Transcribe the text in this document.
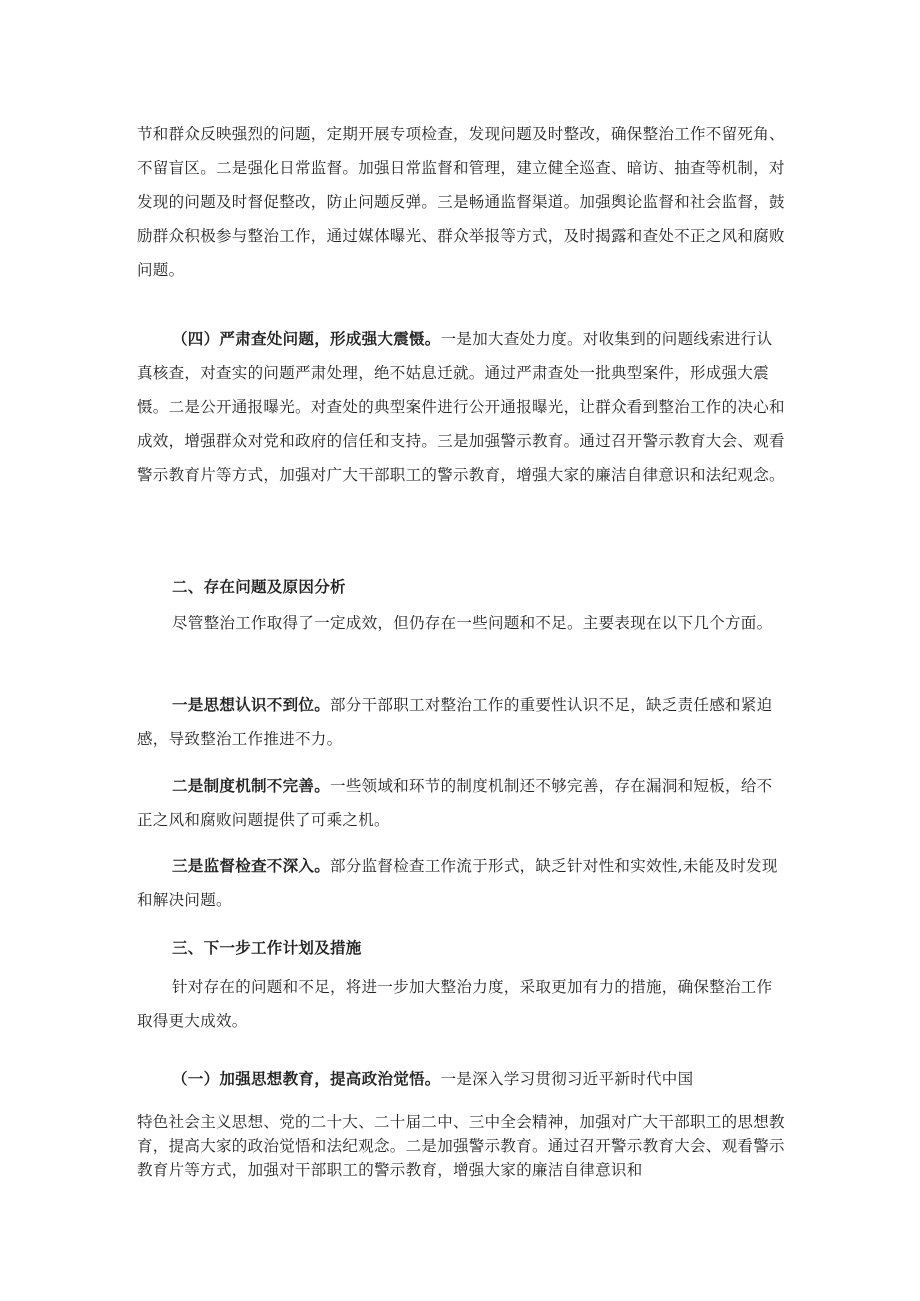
节和群众反映强烈的问题，定期开展专项检查，发现问题及时整改，确保整治工作不留死角、不留盲区。二是强化日常监督。加强日常监督和管理，建立健全巡查、暗访、抽查等机制，对发现的问题及时督促整改，防止问题反弹。三是畅通监督渠道。加强舆论监督和社会监督，鼓励群众积极参与整治工作，通过媒体曝光、群众举报等方式，及时揭露和查处不正之风和腐败问题。

（四）严肃查处问题，形成强大震慑。一是加大查处力度。对收集到的问题线索进行认真核查，对查实的问题严肃处理，绝不姑息迁就。通过严肃查处一批典型案件，形成强大震慑。二是公开通报曝光。对查处的典型案件进行公开通报曝光，让群众看到整治工作的决心和成效，增强群众对党和政府的信任和支持。三是加强警示教育。通过召开警示教育大会、观看警示教育片等方式，加强对广大干部职工的警示教育，增强大家的廉洁自律意识和法纪观念。

二、存在问题及原因分析

尽管整治工作取得了一定成效，但仍存在一些问题和不足。主要表现在以下几个方面。

一是思想认识不到位。部分干部职工对整治工作的重要性认识不足，缺乏责任感和紧迫感，导致整治工作推进不力。

二是制度机制不完善。一些领域和环节的制度机制还不够完善，存在漏洞和短板，给不正之风和腐败问题提供了可乘之机。

三是监督检查不深入。部分监督检查工作流于形式，缺乏针对性和实效性,未能及时发现和解决问题。

三、下一步工作计划及措施

针对存在的问题和不足，将进一步加大整治力度，采取更加有力的措施，确保整治工作取得更大成效。

（一）加强思想教育，提高政治觉悟。一是深入学习贯彻习近平新时代中国

特色社会主义思想、党的二十大、二十届二中、三中全会精神，加强对广大干部职工的思想教育，提高大家的政治觉悟和法纪观念。二是加强警示教育。通过召开警示教育大会、观看警示教育片等方式，加强对干部职工的警示教育，增强大家的廉洁自律意识和
